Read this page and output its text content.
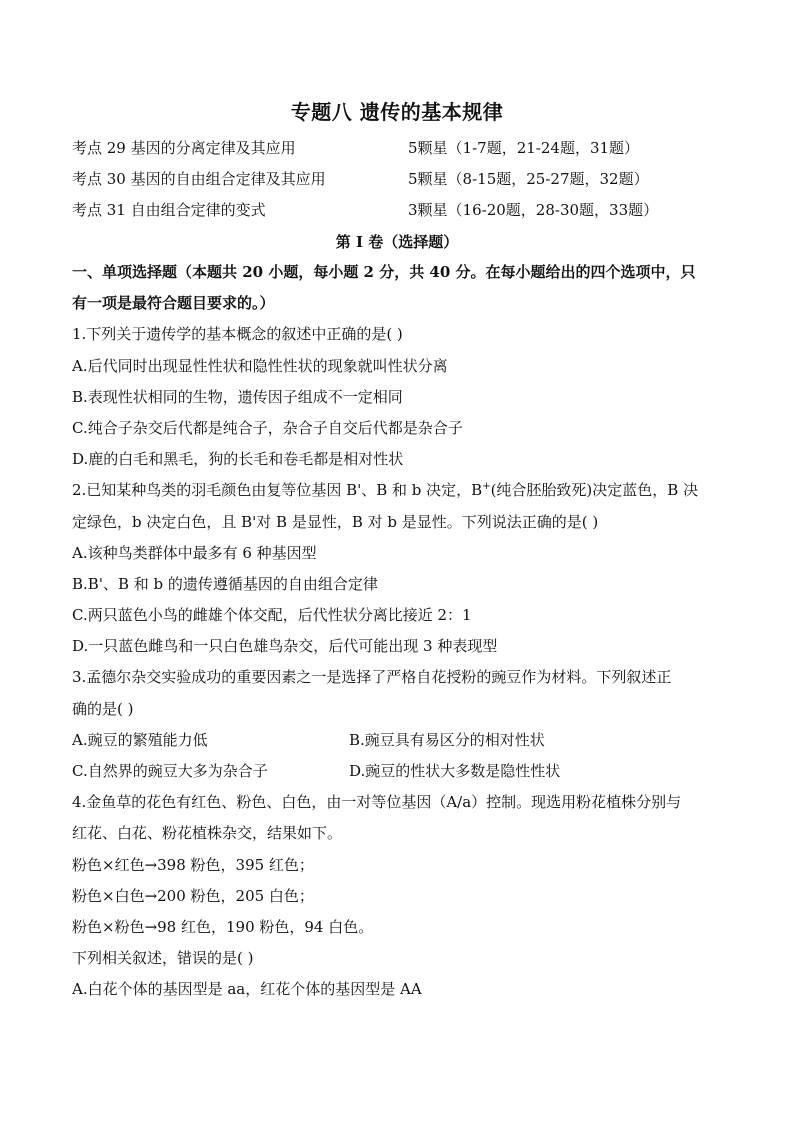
专题八 遗传的基本规律
考点 29 基因的分离定律及其应用	5颗星（1-7题，21-24题，31题）
考点 30 基因的自由组合定律及其应用	5颗星（8-15题，25-27题，32题）
考点 31 自由组合定律的变式	3颗星（16-20题，28-30题，33题）
第 I 卷（选择题）
一、单项选择题（本题共 20 小题，每小题 2 分，共 40 分。在每小题给出的四个选项中，只
有一项是最符合题目要求的。）
1.下列关于遗传学的基本概念的叙述中正确的是( )
A.后代同时出现显性性状和隐性性状的现象就叫性状分离
B.表现性状相同的生物，遗传因子组成不一定相同
C.纯合子杂交后代都是纯合子，杂合子自交后代都是杂合子
D.鹿的白毛和黑毛，狗的长毛和卷毛都是相对性状
2.已知某种鸟类的羽毛颜色由复等位基因 B'、B 和 b 决定，B+(纯合胚胎致死)决定蓝色，B 决
定绿色，b 决定白色，且 B'对 B 是显性，B 对 b 是显性。下列说法正确的是( )
A.该种鸟类群体中最多有 6 种基因型
B.B'、B 和 b 的遗传遵循基因的自由组合定律
C.两只蓝色小鸟的雌雄个体交配，后代性状分离比接近 2：1
D.一只蓝色雌鸟和一只白色雄鸟杂交，后代可能出现 3 种表现型
3.孟德尔杂交实验成功的重要因素之一是选择了严格自花授粉的豌豆作为材料。下列叙述正
确的是( )
A.豌豆的繁殖能力低	B.豌豆具有易区分的相对性状
C.自然界的豌豆大多为杂合子	D.豌豆的性状大多数是隐性性状
4.金鱼草的花色有红色、粉色、白色，由一对等位基因（A/a）控制。现选用粉花植株分别与
红花、白花、粉花植株杂交，结果如下。
粉色×红色→398 粉色，395 红色；
粉色×白色→200 粉色，205 白色；
粉色×粉色→98 红色，190 粉色，94 白色。
下列相关叙述，错误的是( )
A.白花个体的基因型是 aa，红花个体的基因型是 AA
